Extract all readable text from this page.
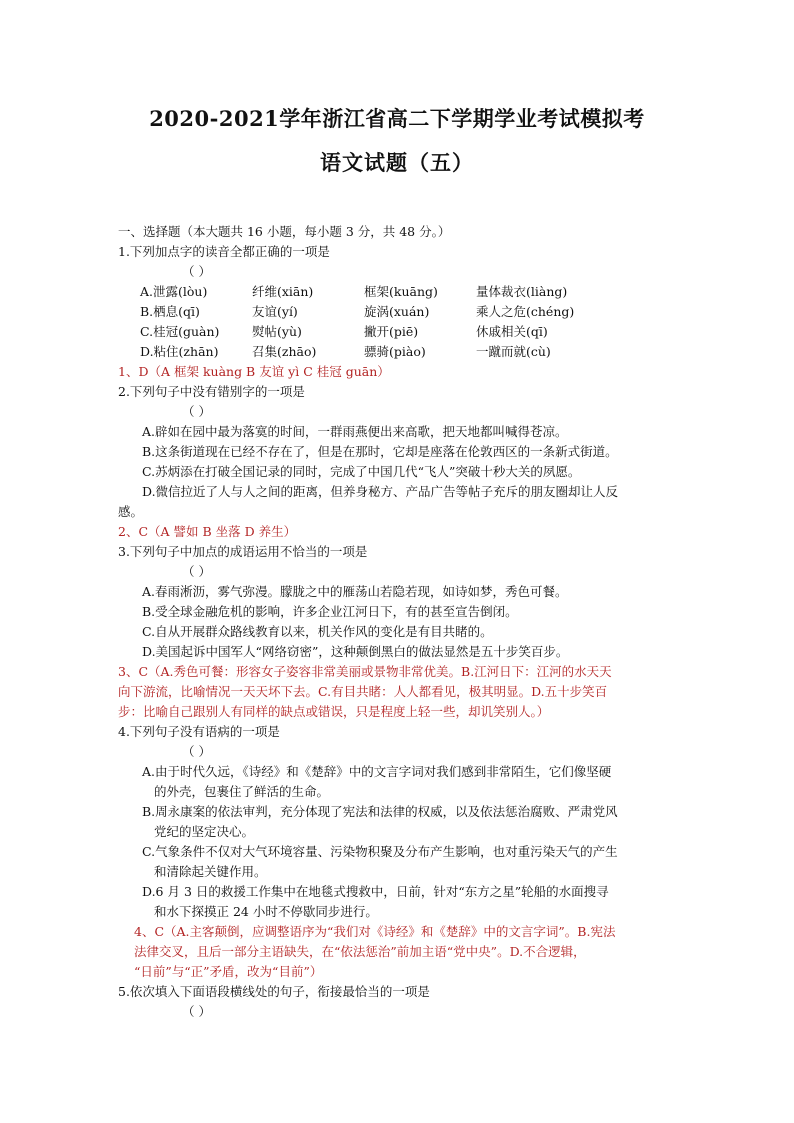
2020-2021学年浙江省高二下学期学业考试模拟考
语文试题（五）
一、选择题（本大题共 16 小题，每小题 3 分，共 48 分。）
1.下列加点字的读音全都正确的一项是
（ ）
A.泄露(lòu)	纤维(xiān)	框架(kuāng)	量体裁衣(liàng)
B.栖息(qī)	友谊(yí)	旋涡(xuán)	乘人之危(chéng)
C.桂冠(guàn)	熨帖(yù)	撇开(piē)	休戚相关(qī)
D.粘住(zhān)	召集(zhāo)	骠骑(piào)	一蹴而就(cù)
1、D（A 框架 kuàng B 友谊 yì C 桂冠 guān）
2.下列句子中没有错别字的一项是
（ ）
A.辟如在园中最为落寞的时间，一群雨燕便出来高歌，把天地都叫喊得苍凉。
B.这条街道现在已经不存在了，但是在那时，它却是座落在伦敦西区的一条新式街道。
C.苏炳添在打破全国记录的同时，完成了中国几代“飞人”突破十秒大关的夙愿。
D.微信拉近了人与人之间的距离，但养身秘方、产品广告等帖子充斥的朋友圈却让人反
感。
2、C（A 譬如 B 坐落 D 养生）
3.下列句子中加点的成语运用不恰当的一项是
（ ）
A.春雨淅沥，雾气弥漫。朦胧之中的雁荡山若隐若现，如诗如梦，秀色可餐。
B.受全球金融危机的影响，许多企业江河日下，有的甚至宣告倒闭。
C.自从开展群众路线教育以来，机关作风的变化是有目共睹的。
D.美国起诉中国军人“网络窃密”，这种颠倒黑白的做法显然是五十步笑百步。
3、C（A.秀色可餐：形容女子姿容非常美丽或景物非常优美。B.江河日下：江河的水天天
向下游流，比喻情况一天天坏下去。C.有目共睹：人人都看见，极其明显。D.五十步笑百
步：比喻自己跟别人有同样的缺点或错误，只是程度上轻一些，却讥笑别人。）
4.下列句子没有语病的一项是
（ ）
A.由于时代久远，《诗经》和《楚辞》中的文言字词对我们感到非常陌生，它们像坚硬
的外壳，包裹住了鲜活的生命。
B.周永康案的依法审判，充分体现了宪法和法律的权威，以及依法惩治腐败、严肃党风
党纪的坚定决心。
C.气象条件不仅对大气环境容量、污染物积聚及分布产生影响，也对重污染天气的产生
和清除起关键作用。
D.6 月 3 日的救援工作集中在地毯式搜救中，日前，针对“东方之星”轮船的水面搜寻
和水下探摸正 24 小时不停歇同步进行。
4、C（A.主客颠倒，应调整语序为“我们对《诗经》和《楚辞》中的文言字词”。B.宪法
法律交叉，且后一部分主语缺失，在“依法惩治”前加主语“党中央”。D.不合逻辑，
“日前”与“正”矛盾，改为“目前”）
5.依次填入下面语段横线处的句子，衔接最恰当的一项是
（ ）
